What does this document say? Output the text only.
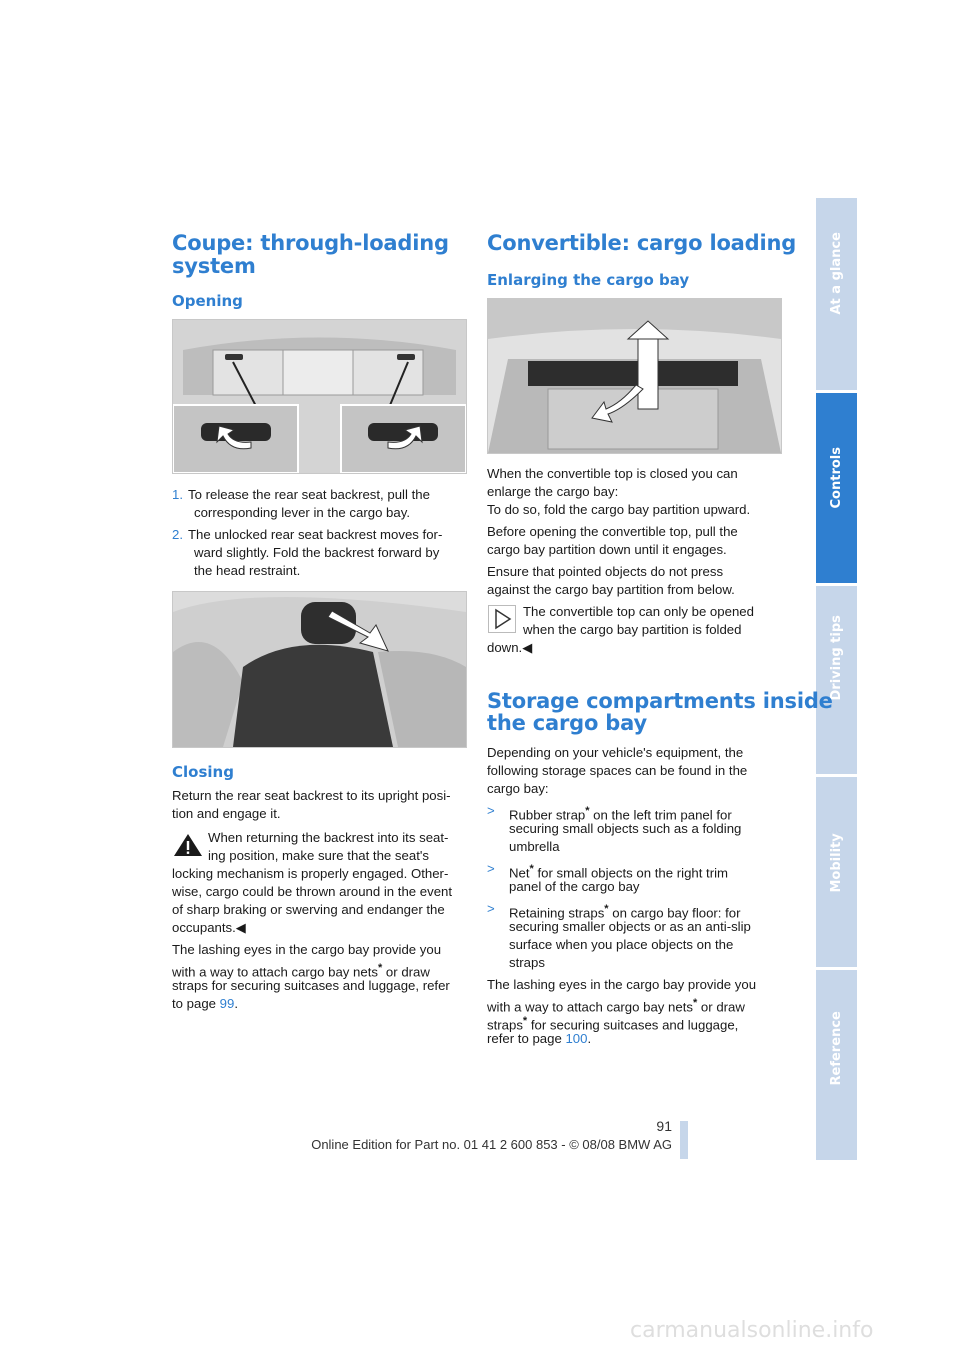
At a glance
Controls
Driving tips
Mobility
Reference
Coupe: through-loading system
Opening
1. To release the rear seat backrest, pull the

corresponding lever in the cargo bay.

2. The unlocked rear seat backrest moves for-

ward slightly. Fold the backrest forward by

the head restraint.

Closing

Return the rear seat backrest to its upright posi-

tion and engage it.

When returning the backrest into its seat-

ing position, make sure that the seat's

locking mechanism is properly engaged. Other-

wise, cargo could be thrown around in the event

of sharp braking or swerving and endanger the

occupants.◀

The lashing eyes in the cargo bay provide you

with a way to attach cargo bay nets* or draw

straps for securing suitcases and luggage, refer

to page 99.

Convertible: cargo loading
Enlarging the cargo bay

When the convertible top is closed you can

enlarge the cargo bay:

To do so, fold the cargo bay partition upward.

Before opening the convertible top, pull the

cargo bay partition down until it engages.

Ensure that pointed objects do not press

against the cargo bay partition from below.

The convertible top can only be opened

when the cargo bay partition is folded

down.◀

Storage compartments inside
the cargo bay

Depending on your vehicle's equipment, the

following storage spaces can be found in the

cargo bay:

> Rubber strap* on the left trim panel for
securing small objects such as a folding
umbrella
> Net* for small objects on the right trim
panel of the cargo bay
> Retaining straps* on cargo bay floor: for
securing smaller objects or as an anti-slip
surface when you place objects on the
straps

The lashing eyes in the cargo bay provide you

with a way to attach cargo bay nets* or draw

straps* for securing suitcases and luggage,

refer to page 100.

91
Online Edition for Part no. 01 41 2 600 853 - © 08/08 BMW AG
carmanualsonline.info
